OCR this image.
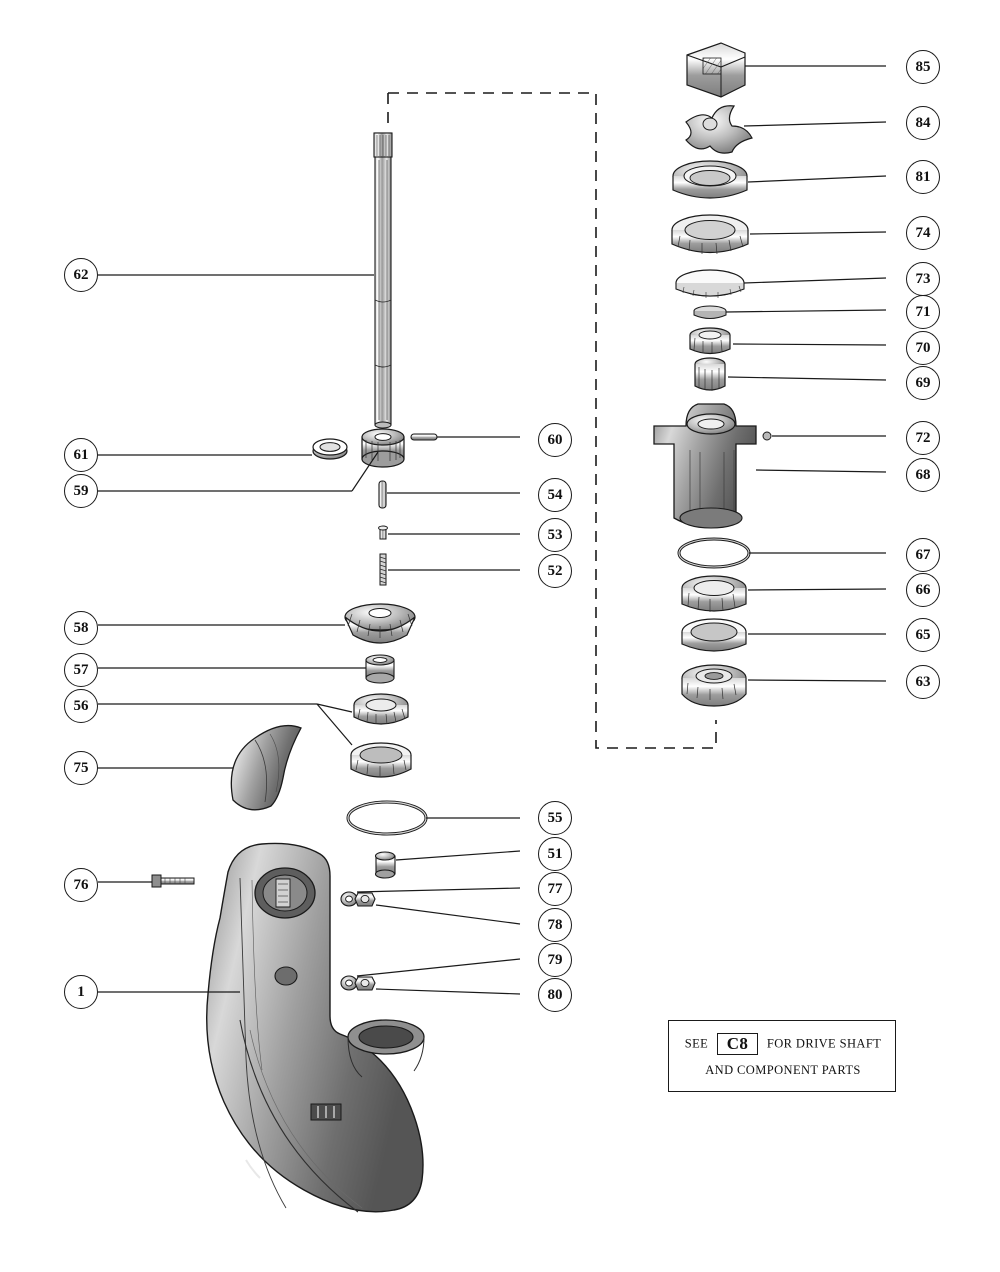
85
84
81
74
73
71
70
69
72
68
67
66
65
63
62
61
59
60
54
53
52
58
57
56
75
55
51
77
78
79
80
76
1
SEE C8 FOR DRIVE SHAFT
AND COMPONENT PARTS
